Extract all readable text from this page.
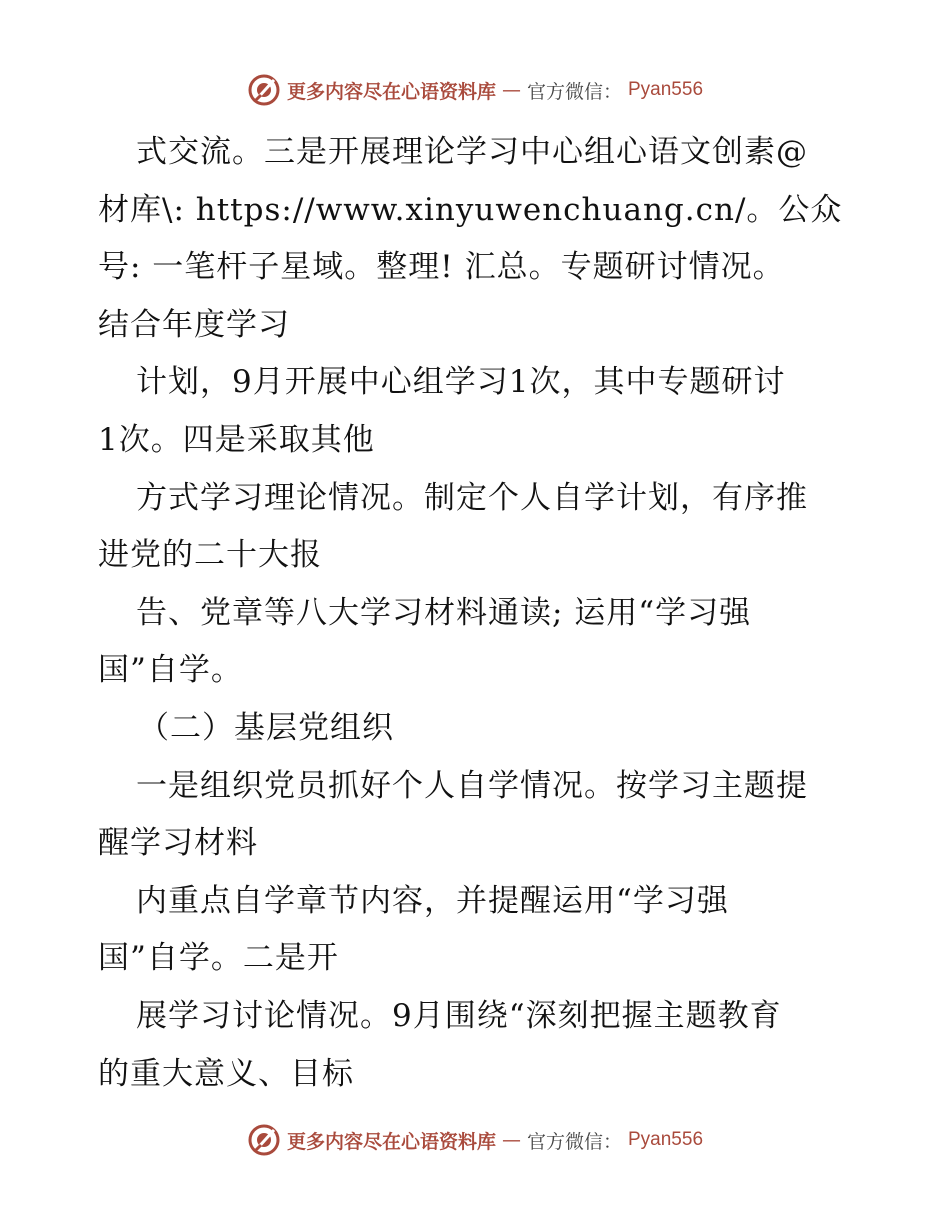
更多内容尽在心语资料库 — 官方微信： Pyan556
式交流。三是开展理论学习中心组心语文创素@
材库\: https://www.xinyuwenchuang.cn/。公众
号: 一笔杆子星域。整理! 汇总。专题研讨情况。
结合年度学习
计划，9月开展中心组学习1次，其中专题研讨
1次。四是采取其他
方式学习理论情况。制定个人自学计划，有序推
进党的二十大报
告、党章等八大学习材料通读; 运用“学习强
国”自学。
（二）基层党组织
一是组织党员抓好个人自学情况。按学习主题提
醒学习材料
内重点自学章节内容，并提醒运用“学习强
国”自学。二是开
展学习讨论情况。9月围绕“深刻把握主题教育
的重大意义、目标
更多内容尽在心语资料库 — 官方微信： Pyan556
